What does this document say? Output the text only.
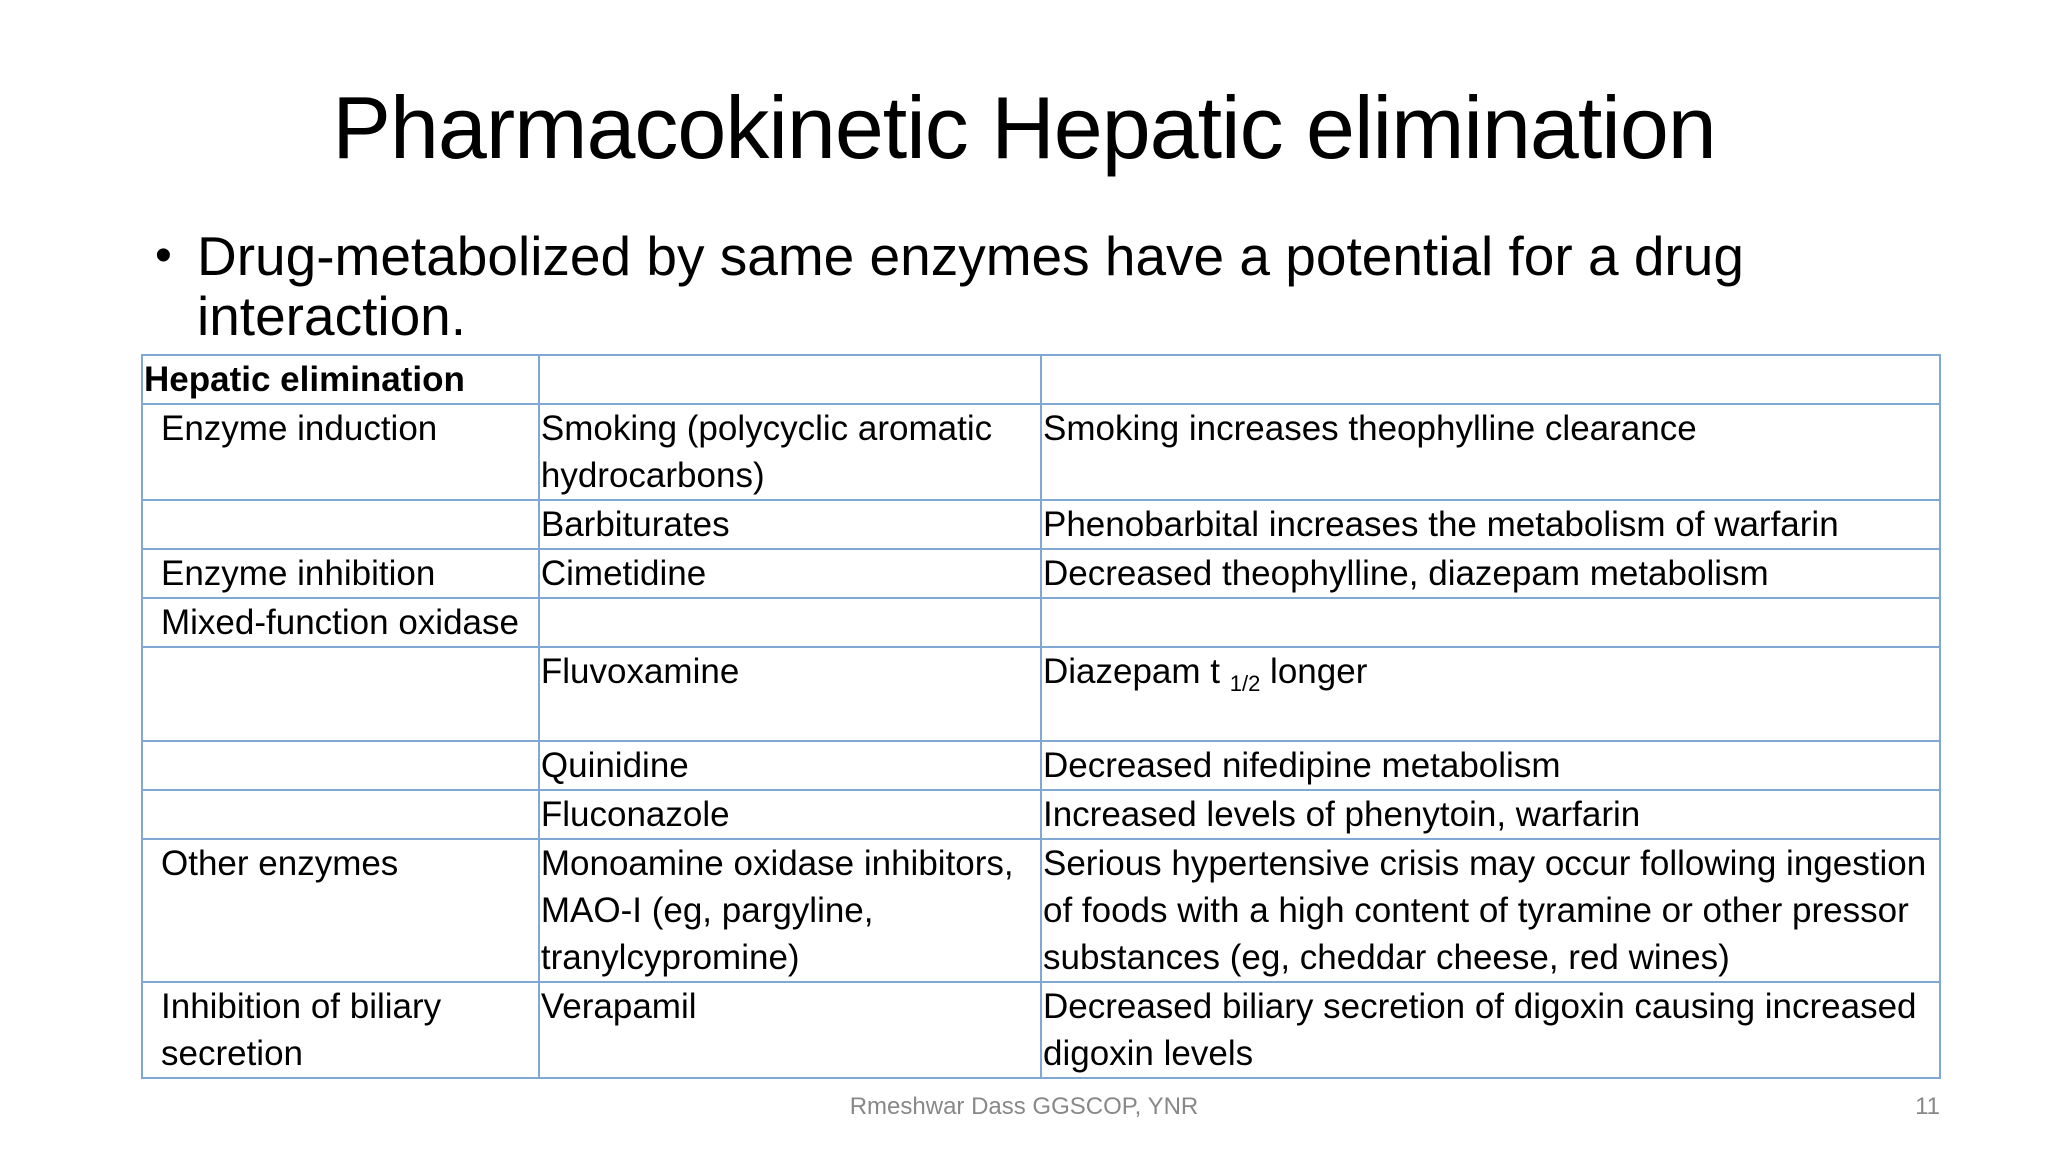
Pharmacokinetic Hepatic elimination
• Drug-metabolized by same enzymes have a potential for a drug interaction.
Hepatic elimination		
Enzyme induction	Smoking (polycyclic aromatic hydrocarbons)	Smoking increases theophylline clearance
	Barbiturates	Phenobarbital increases the metabolism of warfarin
Enzyme inhibition	Cimetidine	Decreased theophylline, diazepam metabolism
Mixed-function oxidase		
	Fluvoxamine	Diazepam t $_{1/2}$ longer
	Quinidine	Decreased nifedipine metabolism
	Fluconazole	Increased levels of phenytoin, warfarin
Other enzymes	Monoamine oxidase inhibitors, MAO-I (eg, pargyline, tranylcypromine)	Serious hypertensive crisis may occur following ingestion of foods with a high content of tyramine or other pressor substances (eg, cheddar cheese, red wines)
Inhibition of biliary secretion	Verapamil	Decreased biliary secretion of digoxin causing increased digoxin levels
Rmeshwar Dass GGSCOP, YNR	11
